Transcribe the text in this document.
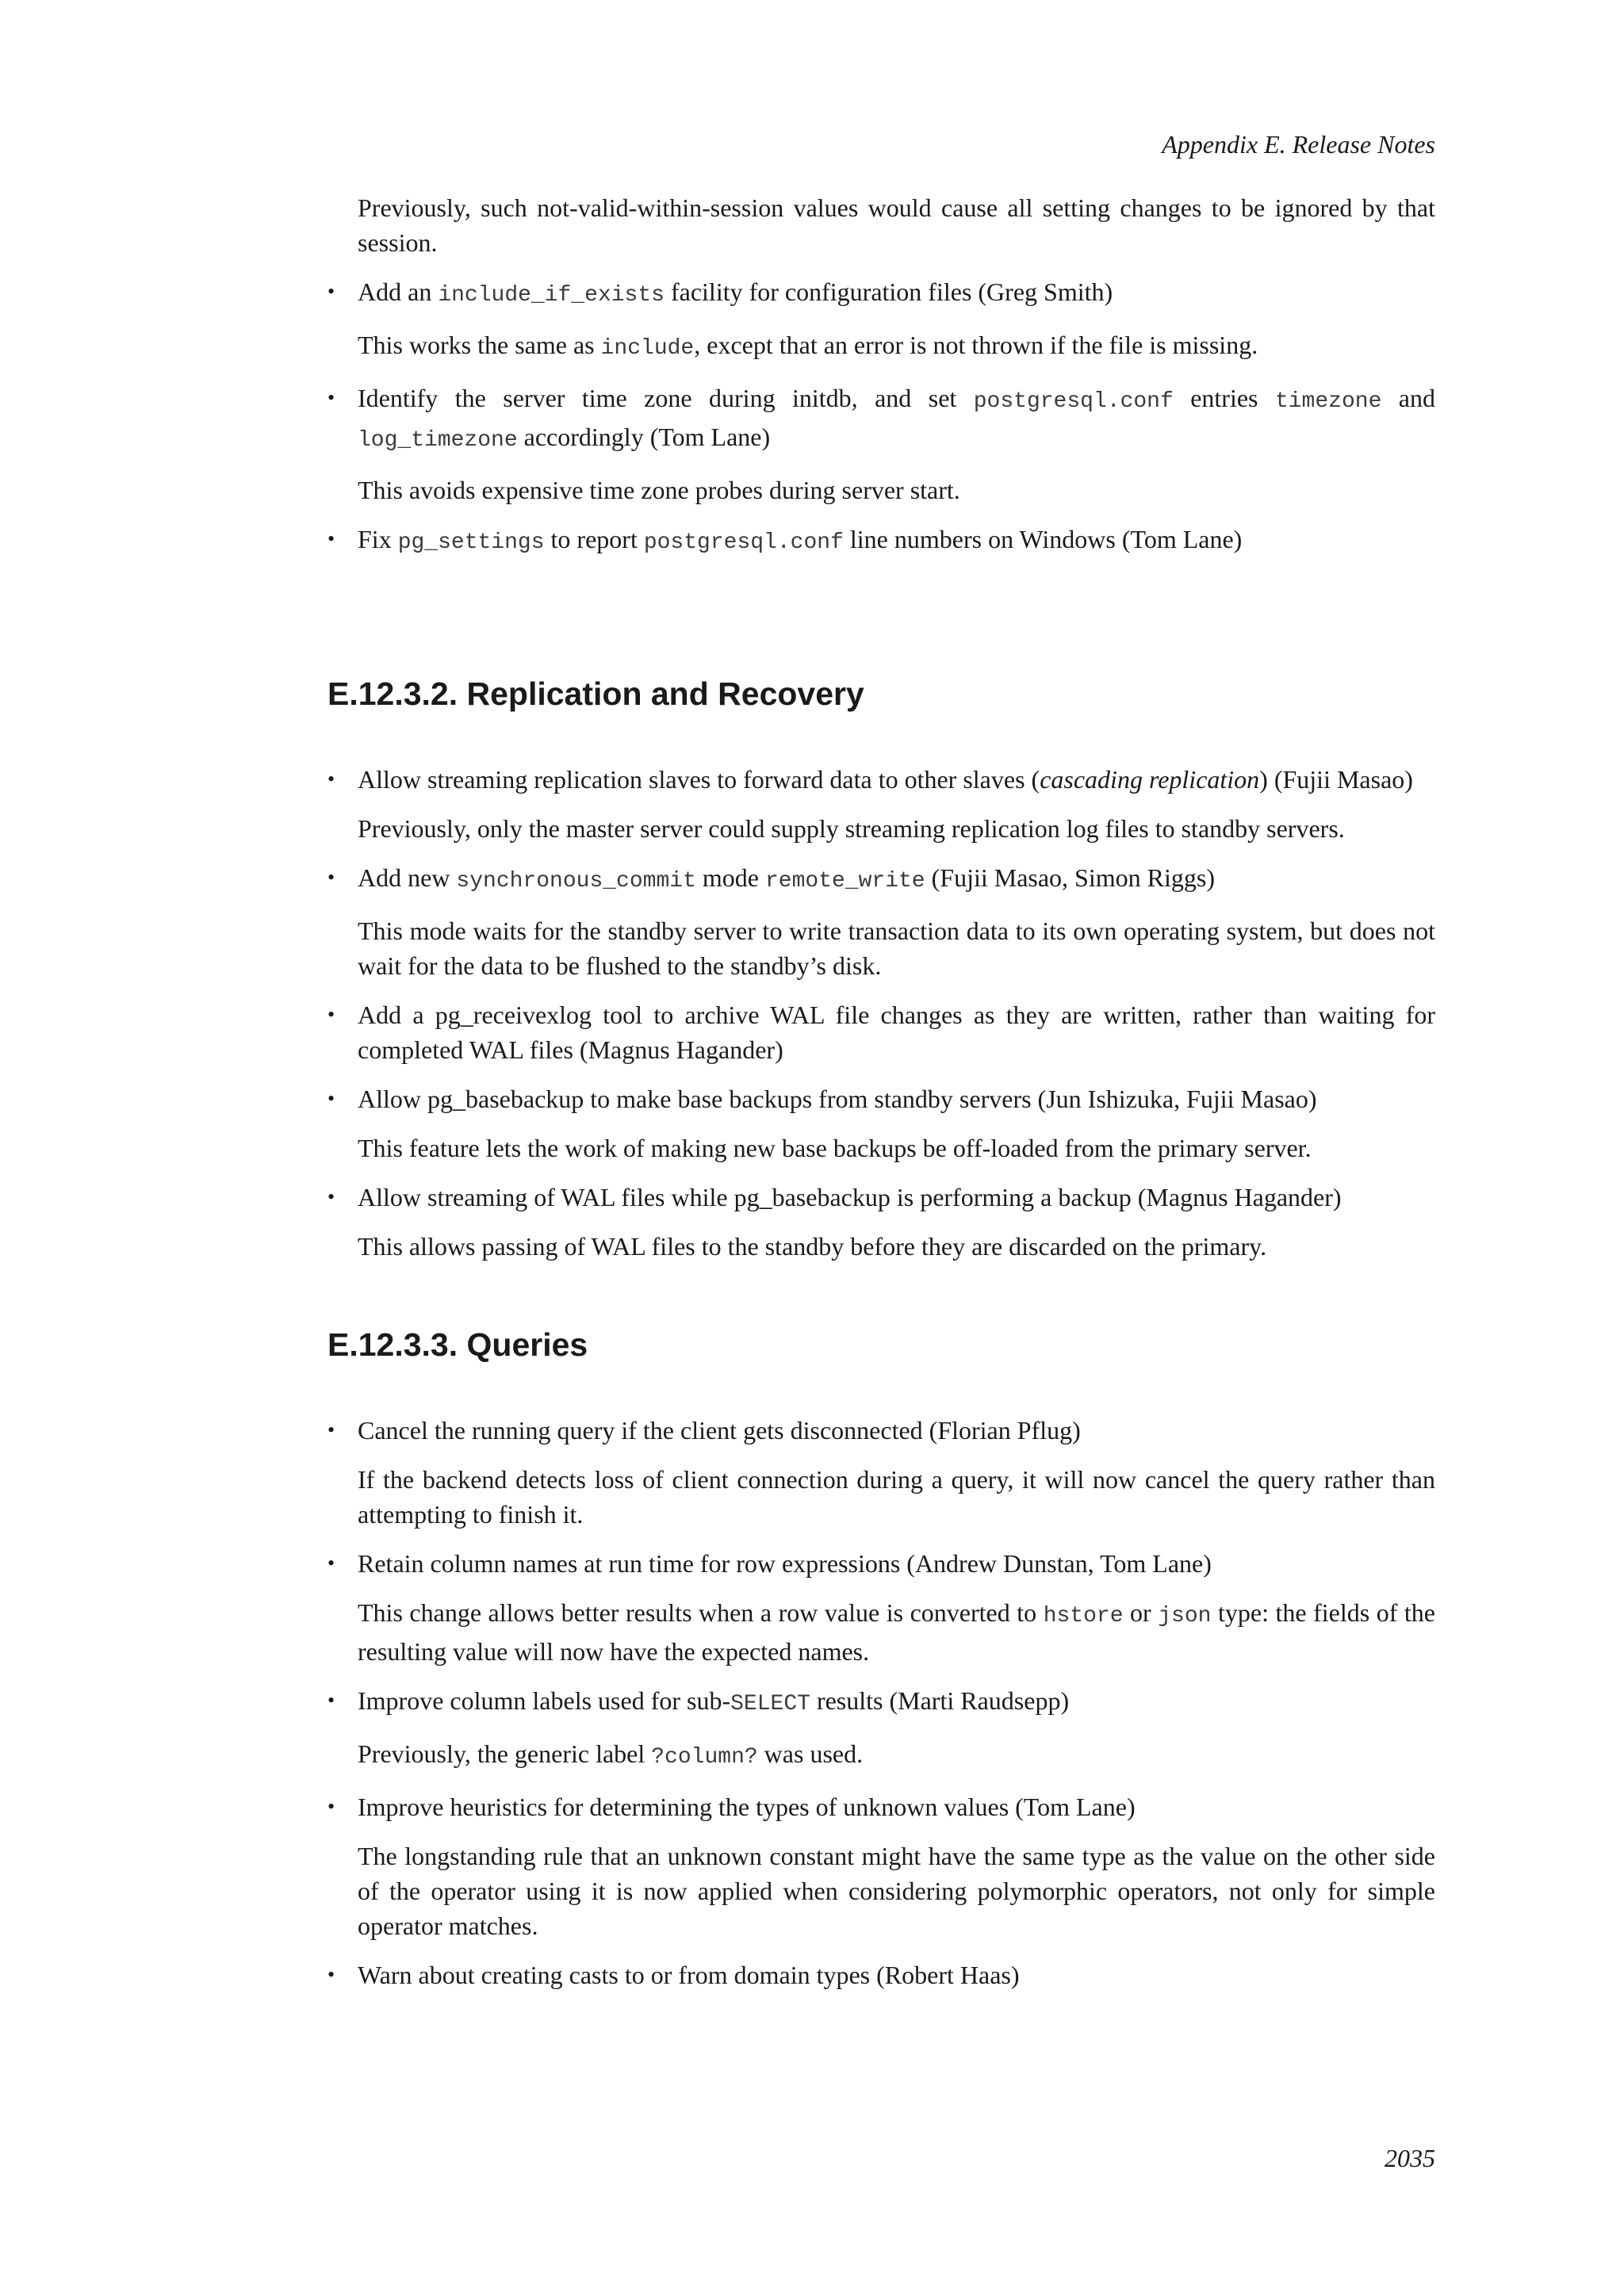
Appendix E. Release Notes

Previously, such not-valid-within-session values would cause all setting changes to be ignored by that session.

• Add an include_if_exists facility for configuration files (Greg Smith)

This works the same as include, except that an error is not thrown if the file is missing.

• Identify the server time zone during initdb, and set postgresql.conf entries timezone and log_timezone accordingly (Tom Lane)

This avoids expensive time zone probes during server start.

• Fix pg_settings to report postgresql.conf line numbers on Windows (Tom Lane)

E.12.3.2. Replication and Recovery

• Allow streaming replication slaves to forward data to other slaves (cascading replication) (Fujii Masao)

Previously, only the master server could supply streaming replication log files to standby servers.

• Add new synchronous_commit mode remote_write (Fujii Masao, Simon Riggs)

This mode waits for the standby server to write transaction data to its own operating system, but does not wait for the data to be flushed to the standby’s disk.

• Add a pg_receivexlog tool to archive WAL file changes as they are written, rather than waiting for completed WAL files (Magnus Hagander)

• Allow pg_basebackup to make base backups from standby servers (Jun Ishizuka, Fujii Masao)

This feature lets the work of making new base backups be off-loaded from the primary server.

• Allow streaming of WAL files while pg_basebackup is performing a backup (Magnus Hagander)

This allows passing of WAL files to the standby before they are discarded on the primary.

E.12.3.3. Queries

• Cancel the running query if the client gets disconnected (Florian Pflug)

If the backend detects loss of client connection during a query, it will now cancel the query rather than attempting to finish it.

• Retain column names at run time for row expressions (Andrew Dunstan, Tom Lane)

This change allows better results when a row value is converted to hstore or json type: the fields of the resulting value will now have the expected names.

• Improve column labels used for sub-SELECT results (Marti Raudsepp)

Previously, the generic label ?column? was used.

• Improve heuristics for determining the types of unknown values (Tom Lane)

The longstanding rule that an unknown constant might have the same type as the value on the other side of the operator using it is now applied when considering polymorphic operators, not only for simple operator matches.

• Warn about creating casts to or from domain types (Robert Haas)

2035
